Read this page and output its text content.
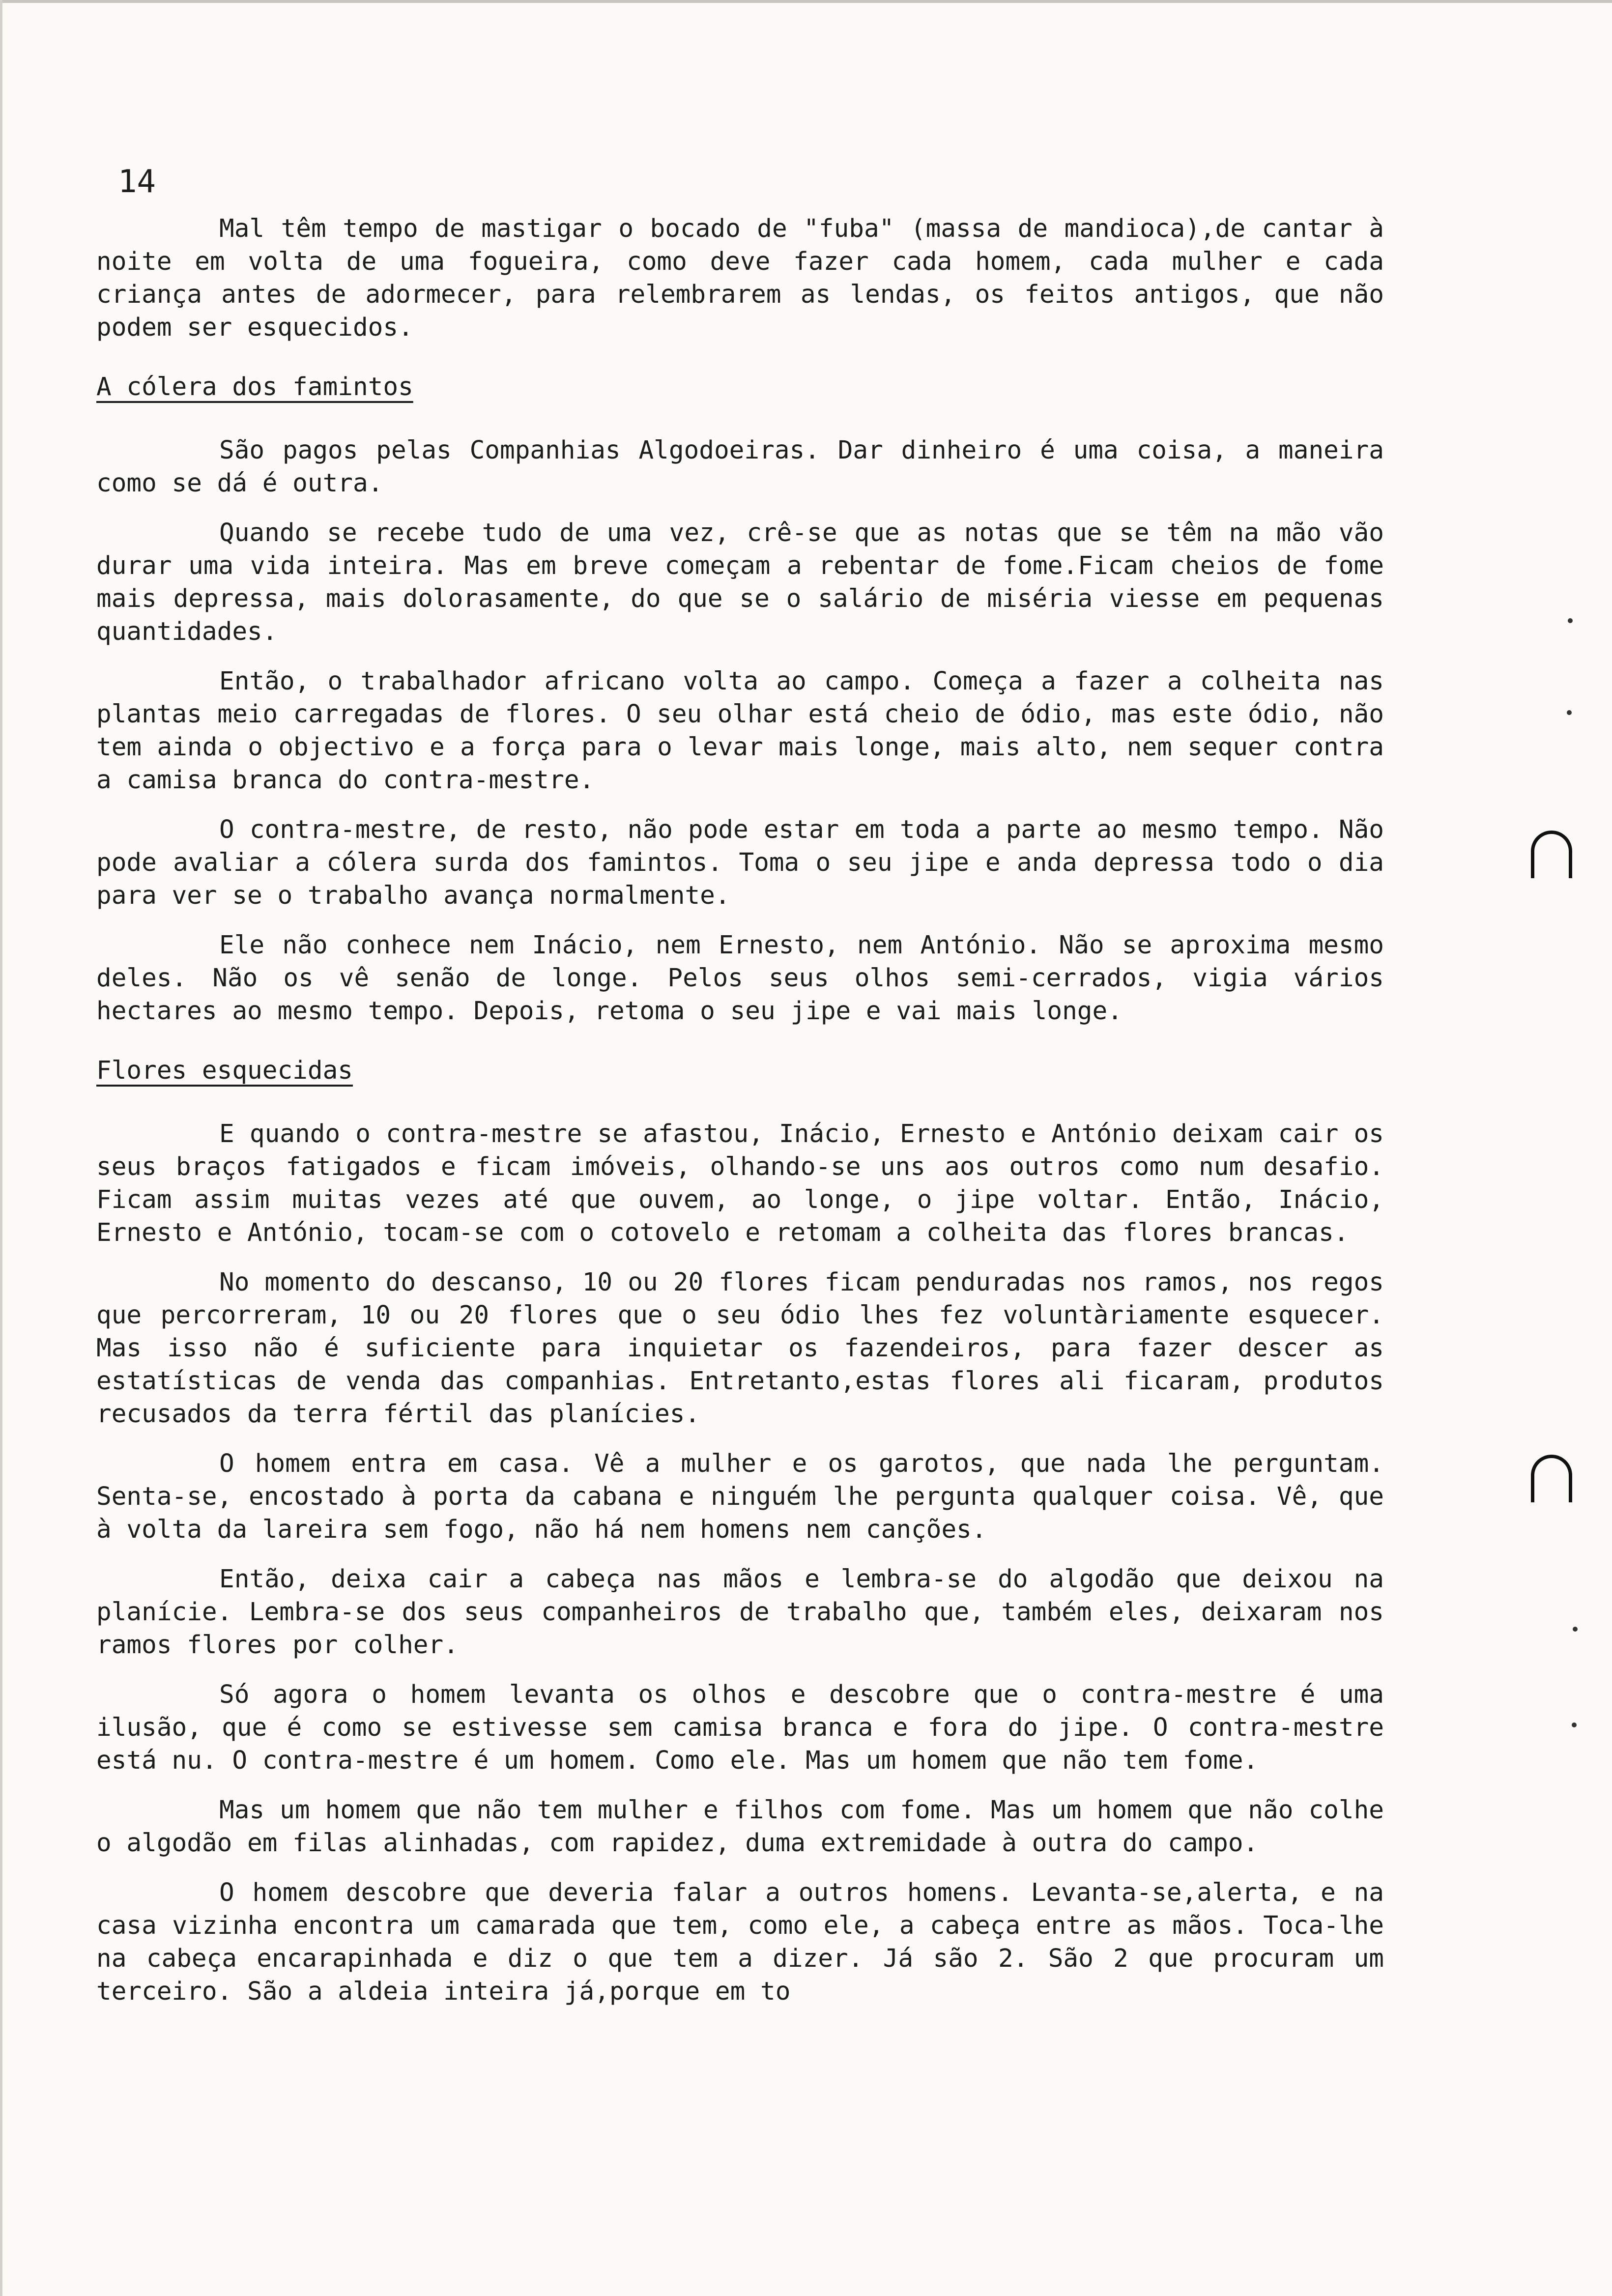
14

Mal têm tempo de mastigar o bocado de "fuba" (massa de mandioca),de cantar à noite em volta de uma fogueira, como deve fazer cada homem, cada mulher e cada criança antes de adormecer, para relembrarem as lendas, os feitos antigos, que não podem ser esquecidos.

A cólera dos famintos

São pagos pelas Companhias Algodoeiras. Dar dinheiro é uma coisa, a maneira como se dá é outra.

Quando se recebe tudo de uma vez, crê-se que as notas que se têm na mão vão durar uma vida inteira. Mas em breve começam a rebentar de fome.Ficam cheios de fome mais depressa, mais dolorasamente, do que se o salário de miséria viesse em pequenas quantidades.

Então, o trabalhador africano volta ao campo. Começa a fazer a colheita nas plantas meio carregadas de flores. O seu olhar está cheio de ódio, mas este ódio, não tem ainda o objectivo e a força para o levar mais longe, mais alto, nem sequer contra a camisa branca do contra-mestre.

O contra-mestre, de resto, não pode estar em toda a parte ao mesmo tempo. Não pode avaliar a cólera surda dos famintos. Toma o seu jipe e anda depressa todo o dia para ver se o trabalho avança normalmente.

Ele não conhece nem Inácio, nem Ernesto, nem António. Não se aproxima mesmo deles. Não os vê senão de longe. Pelos seus olhos semi-cerrados, vigia vários hectares ao mesmo tempo. Depois, retoma o seu jipe e vai mais longe.

Flores esquecidas

E quando o contra-mestre se afastou, Inácio, Ernesto e António deixam cair os seus braços fatigados e ficam imóveis, olhando-se uns aos outros como num desafio. Ficam assim muitas vezes até que ouvem, ao longe, o jipe voltar. Então, Inácio, Ernesto e António, tocam-se com o cotovelo e retomam a colheita das flores brancas.

No momento do descanso, 10 ou 20 flores ficam penduradas nos ramos, nos regos que percorreram, 10 ou 20 flores que o seu ódio lhes fez voluntàriamente esquecer. Mas isso não é suficiente para inquietar os fazendeiros, para fazer descer as estatísticas de venda das companhias. Entretanto,estas flores ali ficaram, produtos recusados da terra fértil das planícies.

O homem entra em casa. Vê a mulher e os garotos, que nada lhe perguntam. Senta-se, encostado à porta da cabana e ninguém lhe pergunta qualquer coisa. Vê, que à volta da lareira sem fogo, não há nem homens nem canções.

Então, deixa cair a cabeça nas mãos e lembra-se do algodão que deixou na planície. Lembra-se dos seus companheiros de trabalho que, também eles, deixaram nos ramos flores por colher.

Só agora o homem levanta os olhos e descobre que o contra-mestre é uma ilusão, que é como se estivesse sem camisa branca e fora do jipe. O contra-mestre está nu. O contra-mestre é um homem. Como ele. Mas um homem que não tem fome.

Mas um homem que não tem mulher e filhos com fome. Mas um homem que não colhe o algodão em filas alinhadas, com rapidez, duma extremidade à outra do campo.

O homem descobre que deveria falar a outros homens. Levanta-se,alerta, e na casa vizinha encontra um camarada que tem, como ele, a cabeça entre as mãos. Toca-lhe na cabeça encarapinhada e diz o que tem a dizer. Já são 2. São 2 que procuram um terceiro. São a aldeia inteira já,porque em to
